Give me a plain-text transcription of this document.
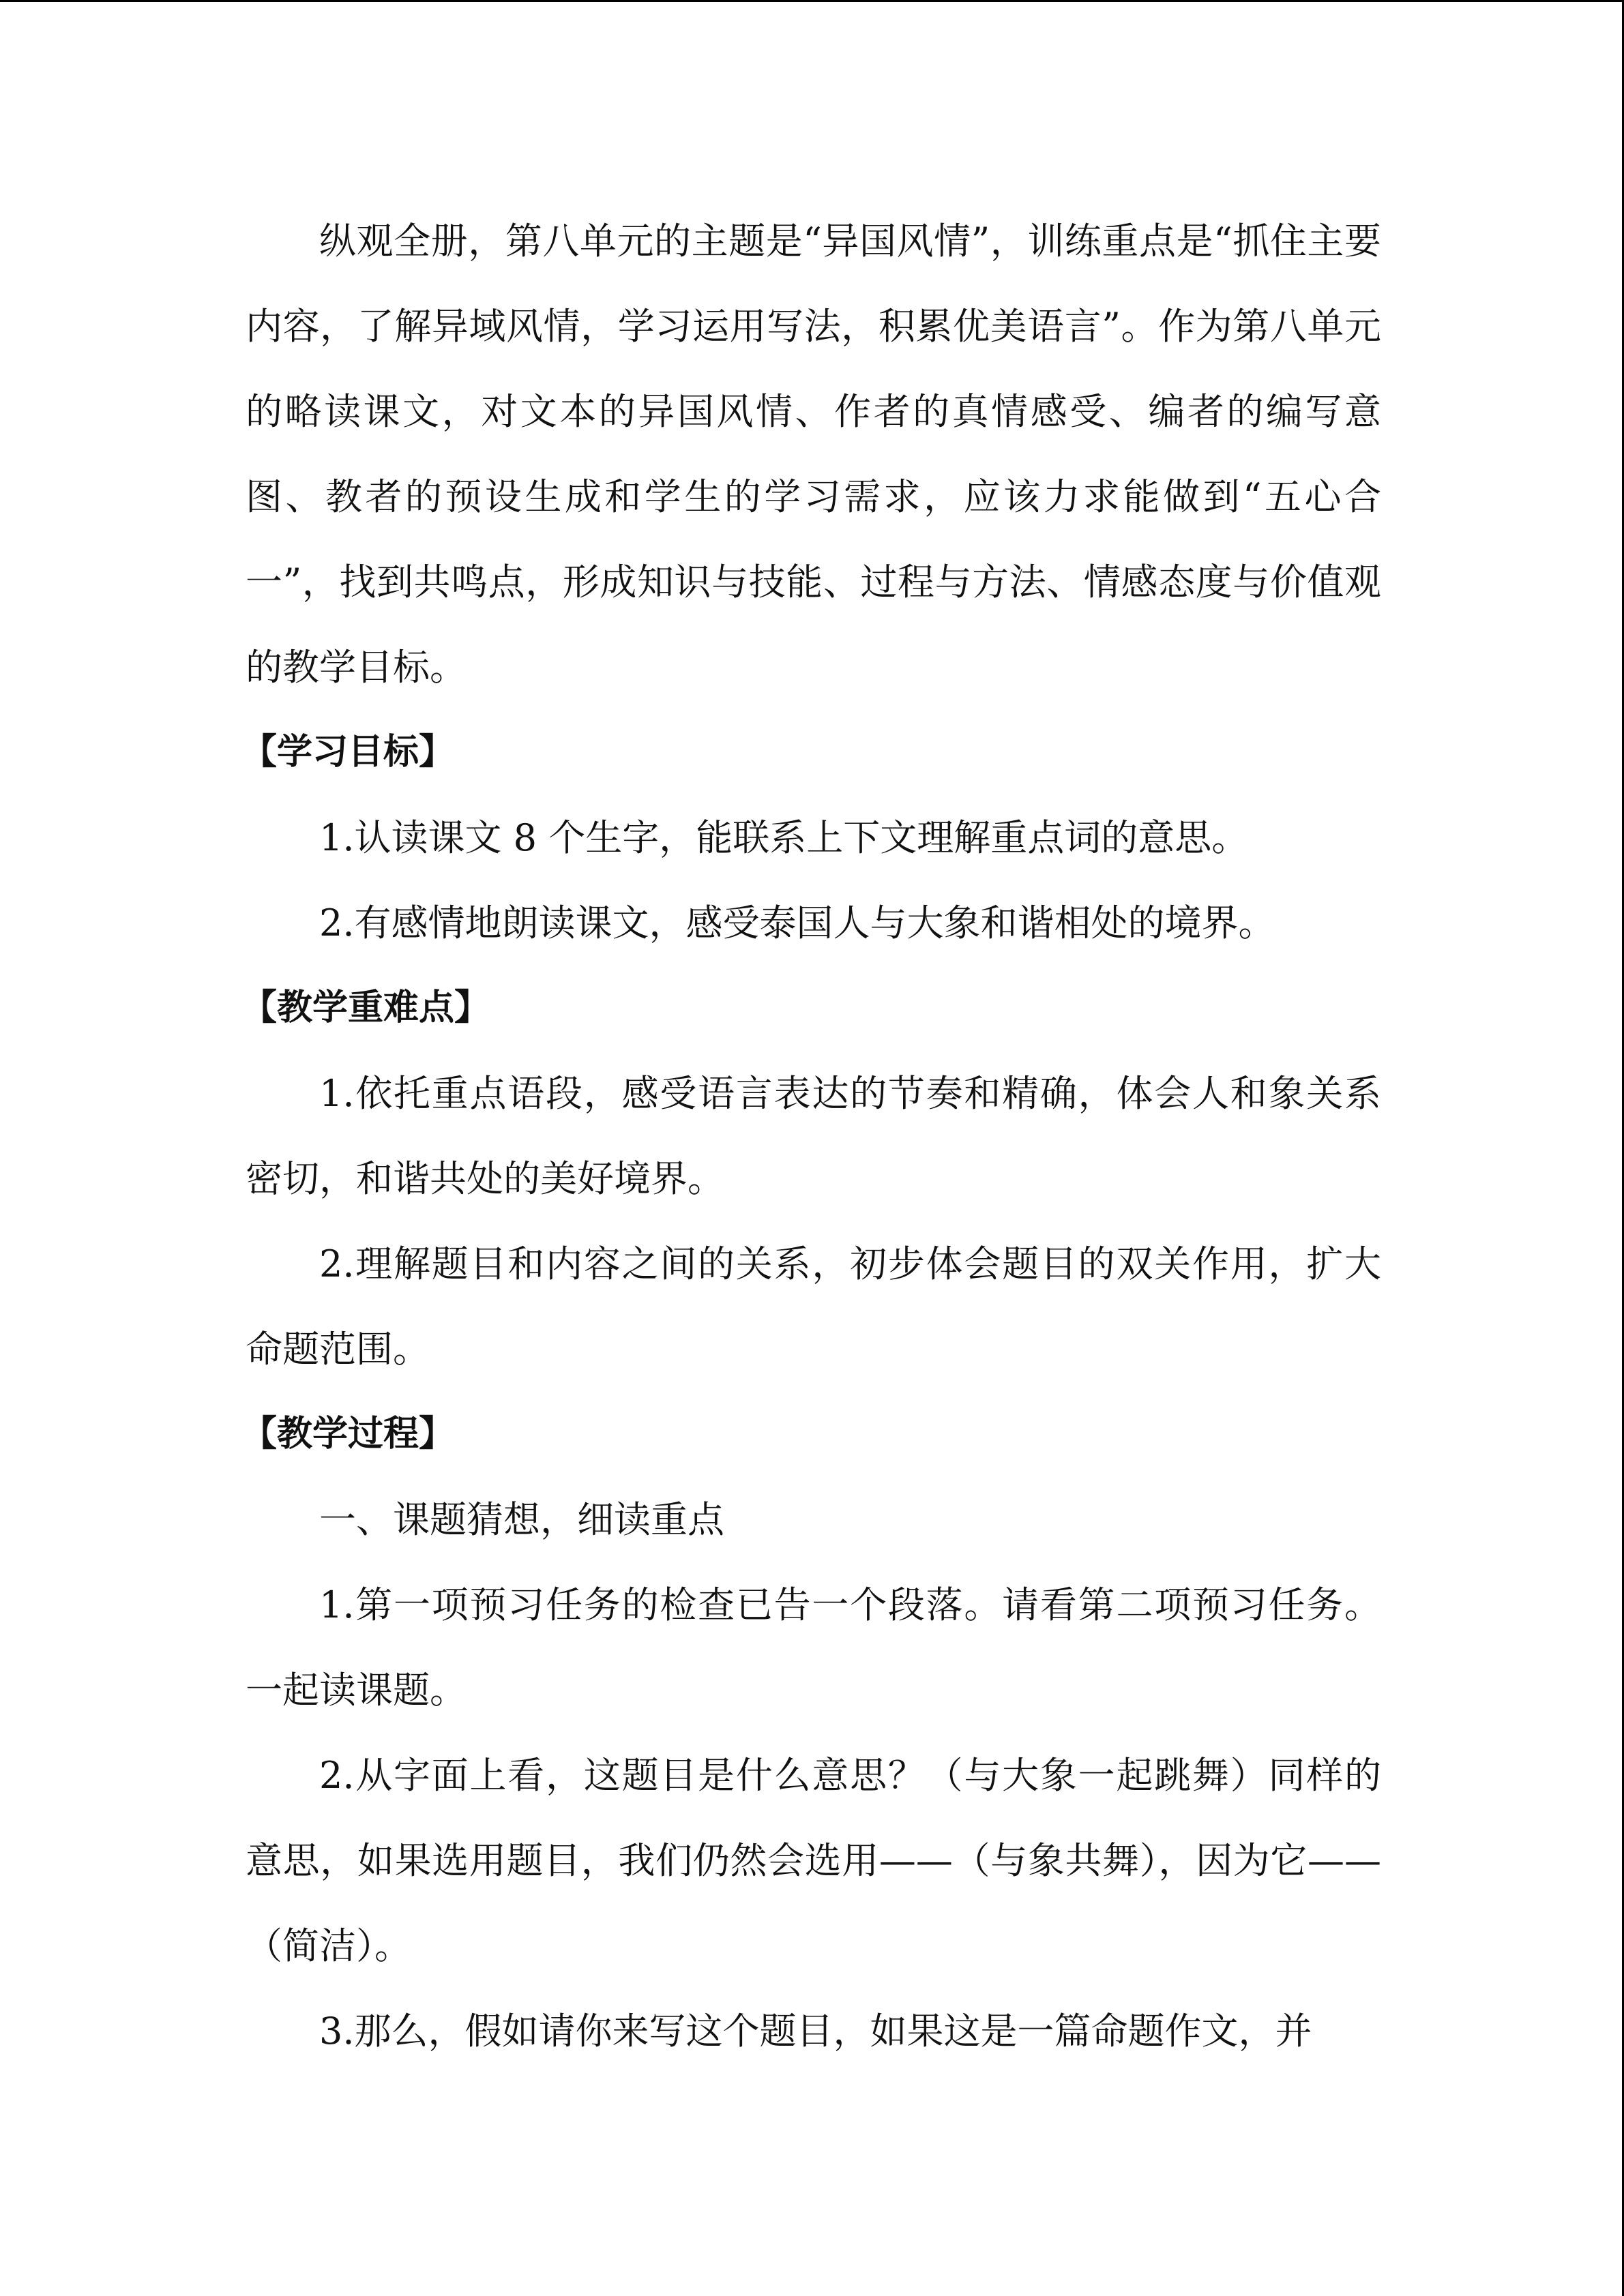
纵观全册，第八单元的主题是“异国风情”，训练重点是“抓住主要内容，了解异域风情，学习运用写法，积累优美语言”。作为第八单元的略读课文，对文本的异国风情、作者的真情感受、编者的编写意图、教者的预设生成和学生的学习需求，应该力求能做到“五心合一”，找到共鸣点，形成知识与技能、过程与方法、情感态度与价值观的教学目标。

【学习目标】

1.认读课文 8 个生字，能联系上下文理解重点词的意思。

2.有感情地朗读课文，感受泰国人与大象和谐相处的境界。

【教学重难点】

1.依托重点语段，感受语言表达的节奏和精确，体会人和象关系密切，和谐共处的美好境界。

2.理解题目和内容之间的关系，初步体会题目的双关作用，扩大命题范围。

【教学过程】

一、课题猜想，细读重点

1.第一项预习任务的检查已告一个段落。请看第二项预习任务。一起读课题。

2.从字面上看，这题目是什么意思？（与大象一起跳舞）同样的意思，如果选用题目，我们仍然会选用——（与象共舞），因为它——（简洁）。

3.那么，假如请你来写这个题目，如果这是一篇命题作文，并
